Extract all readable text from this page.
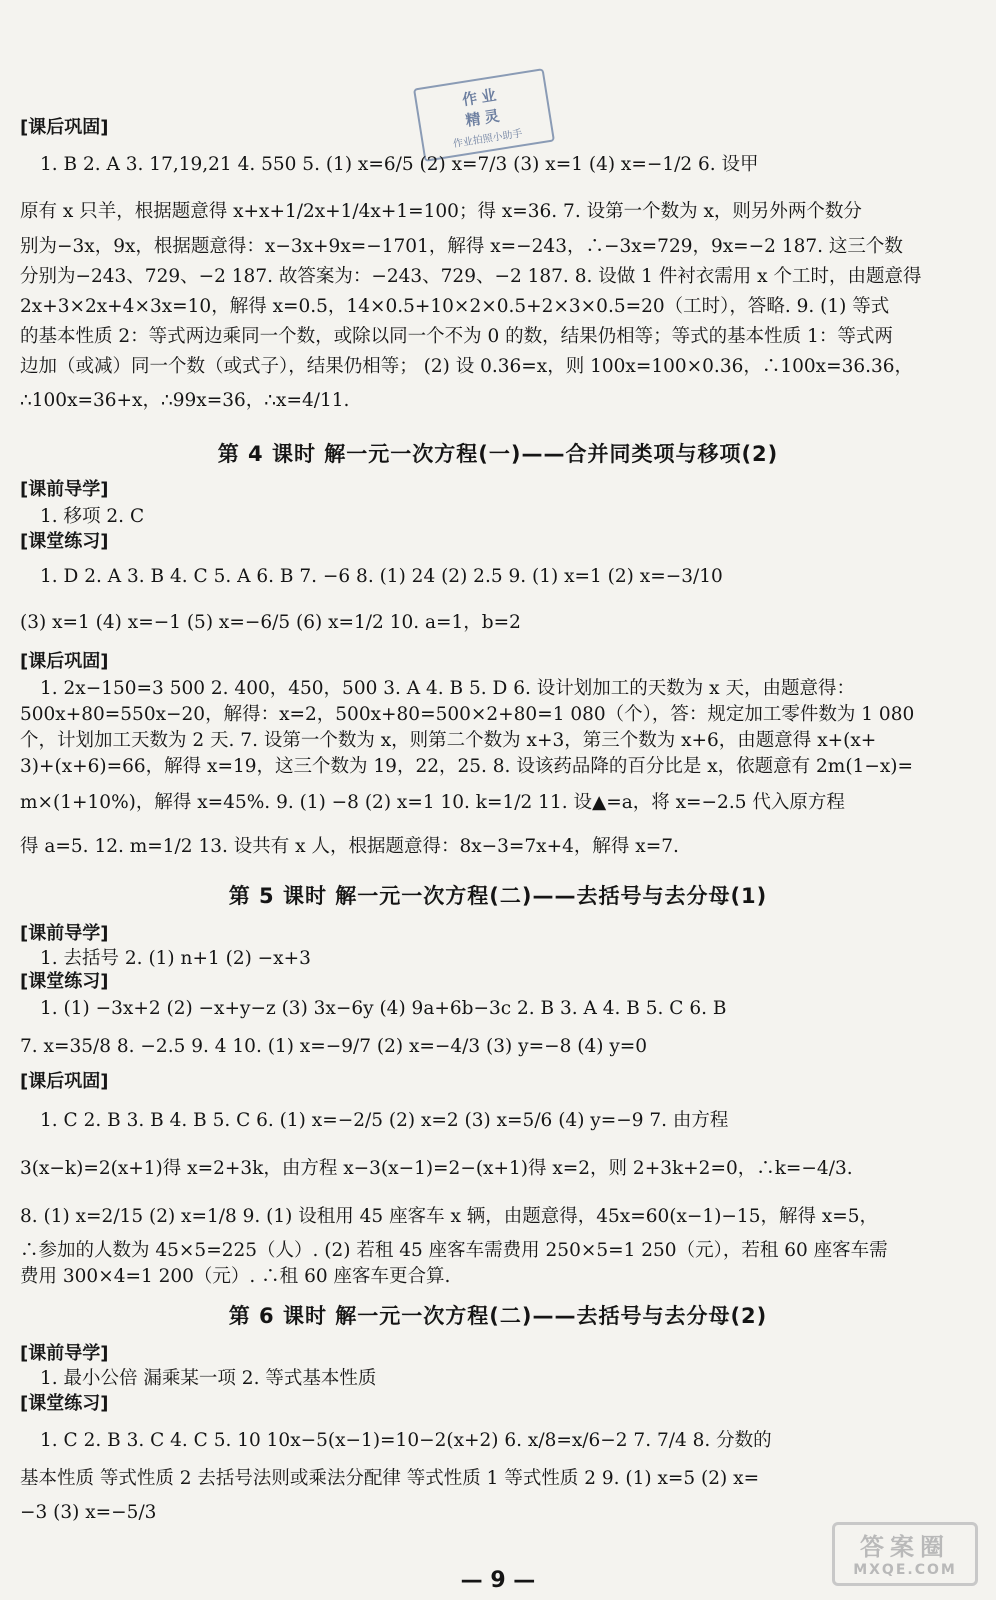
作业
精灵
作业拍照小助手
[课后巩固]
1. B 2. A 3. 17,19,21 4. 550 5. (1) x=6/5 (2) x=7/3 (3) x=1 (4) x=−1/2 6. 设甲
原有 x 只羊，根据题意得 x+x+1/2x+1/4x+1=100；得 x=36. 7. 设第一个数为 x，则另外两个数分
别为−3x，9x，根据题意得：x−3x+9x=−1701，解得 x=−243，∴−3x=729，9x=−2 187. 这三个数
分别为−243、729、−2 187. 故答案为：−243、729、−2 187. 8. 设做 1 件衬衣需用 x 个工时，由题意得
2x+3×2x+4×3x=10，解得 x=0.5，14×0.5+10×2×0.5+2×3×0.5=20（工时），答略. 9. (1) 等式
的基本性质 2：等式两边乘同一个数，或除以同一个不为 0 的数，结果仍相等；等式的基本性质 1：等式两
边加（或减）同一个数（或式子），结果仍相等； (2) 设 0.36=x，则 100x=100×0.36，∴100x=36.36，
∴100x=36+x，∴99x=36，∴x=4/11.
第 4 课时 解一元一次方程(一)——合并同类项与移项(2)
[课前导学]
1. 移项 2. C
[课堂练习]
1. D 2. A 3. B 4. C 5. A 6. B 7. −6 8. (1) 24 (2) 2.5 9. (1) x=1 (2) x=−3/10
(3) x=1 (4) x=−1 (5) x=−6/5 (6) x=1/2 10. a=1，b=2
[课后巩固]
1. 2x−150=3 500 2. 400，450，500 3. A 4. B 5. D 6. 设计划加工的天数为 x 天，由题意得：
500x+80=550x−20，解得：x=2，500x+80=500×2+80=1 080（个），答：规定加工零件数为 1 080
个，计划加工天数为 2 天. 7. 设第一个数为 x，则第二个数为 x+3，第三个数为 x+6，由题意得 x+(x+
3)+(x+6)=66，解得 x=19，这三个数为 19，22，25. 8. 设该药品降的百分比是 x，依题意有 2m(1−x)=
m×(1+10%)，解得 x=45%. 9. (1) −8 (2) x=1 10. k=1/2 11. 设▲=a，将 x=−2.5 代入原方程
得 a=5. 12. m=1/2 13. 设共有 x 人，根据题意得：8x−3=7x+4，解得 x=7.
第 5 课时 解一元一次方程(二)——去括号与去分母(1)
[课前导学]
1. 去括号 2. (1) n+1 (2) −x+3
[课堂练习]
1. (1) −3x+2 (2) −x+y−z (3) 3x−6y (4) 9a+6b−3c 2. B 3. A 4. B 5. C 6. B
7. x=35/8 8. −2.5 9. 4 10. (1) x=−9/7 (2) x=−4/3 (3) y=−8 (4) y=0
[课后巩固]
1. C 2. B 3. B 4. B 5. C 6. (1) x=−2/5 (2) x=2 (3) x=5/6 (4) y=−9 7. 由方程
3(x−k)=2(x+1)得 x=2+3k，由方程 x−3(x−1)=2−(x+1)得 x=2，则 2+3k+2=0，∴k=−4/3.
8. (1) x=2/15 (2) x=1/8 9. (1) 设租用 45 座客车 x 辆，由题意得，45x=60(x−1)−15，解得 x=5，
∴参加的人数为 45×5=225（人）. (2) 若租 45 座客车需费用 250×5=1 250（元），若租 60 座客车需
费用 300×4=1 200（元）. ∴租 60 座客车更合算.
第 6 课时 解一元一次方程(二)——去括号与去分母(2)
[课前导学]
1. 最小公倍 漏乘某一项 2. 等式基本性质
[课堂练习]
1. C 2. B 3. C 4. C 5. 10 10x−5(x−1)=10−2(x+2) 6. x/8=x/6−2 7. 7/4 8. 分数的
基本性质 等式性质 2 去括号法则或乘法分配律 等式性质 1 等式性质 2 9. (1) x=5 (2) x=
−3 (3) x=−5/3
— 9 —
答案圈
MXQE.COM
